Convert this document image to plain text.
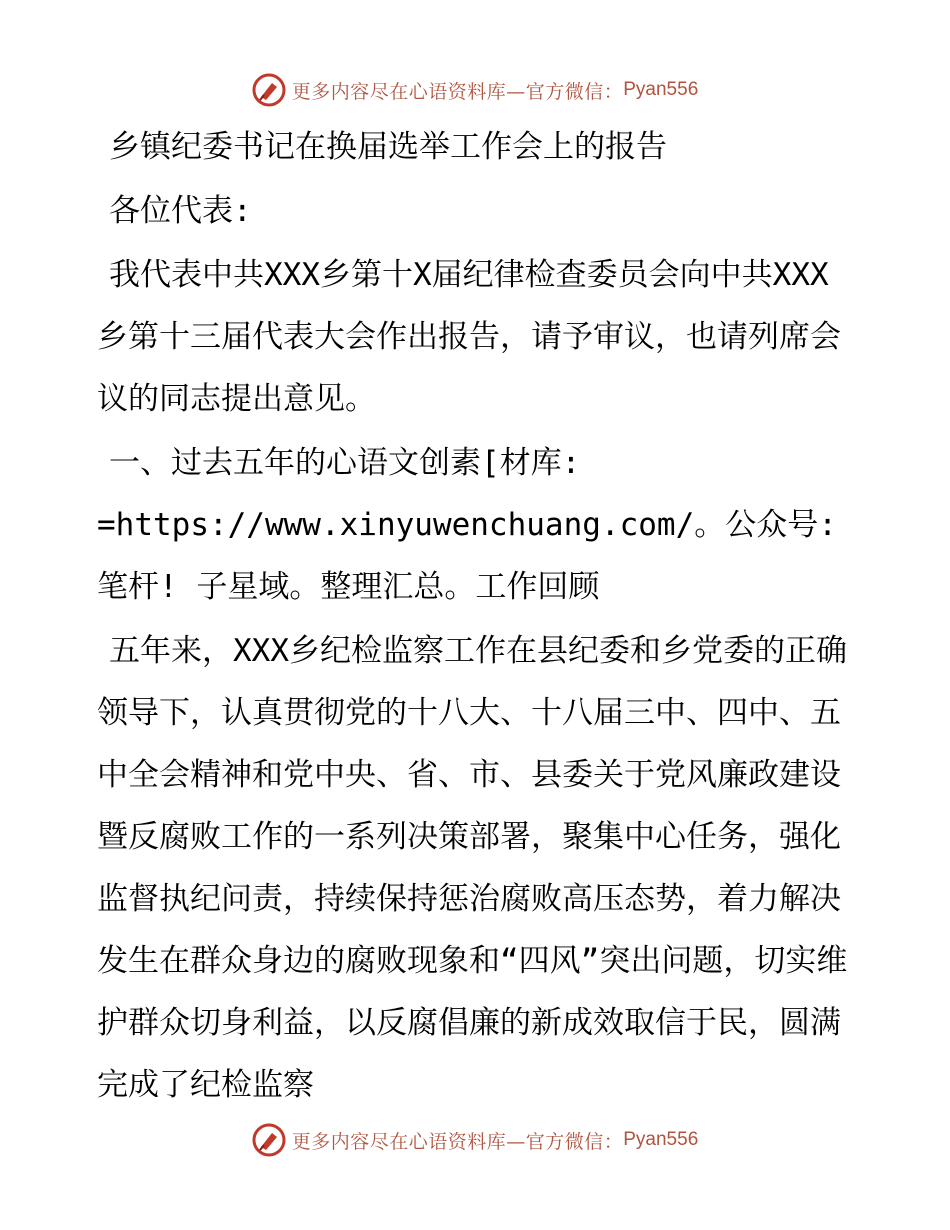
更多内容尽在心语资料库—官方微信： Pyan556

乡镇纪委书记在换届选举工作会上的报告

各位代表:

我代表中共XXX乡第十X届纪律检查委员会向中共XXX乡第十三届代表大会作出报告，请予审议，也请列席会议的同志提出意见。

一、过去五年的心语文创素[材库: =https://www.xinyuwenchuang.com/。公众号: 笔杆! 子星域。整理汇总。工作回顾

五年来，XXX乡纪检监察工作在县纪委和乡党委的正确领导下，认真贯彻党的十八大、十八届三中、四中、五中全会精神和党中央、省、市、县委关于党风廉政建设暨反腐败工作的一系列决策部署，聚集中心任务，强化监督执纪问责，持续保持惩治腐败高压态势，着力解决发生在群众身边的腐败现象和“四风”突出问题，切实维护群众切身利益，以反腐倡廉的新成效取信于民，圆满完成了纪检监察

更多内容尽在心语资料库—官方微信： Pyan556
